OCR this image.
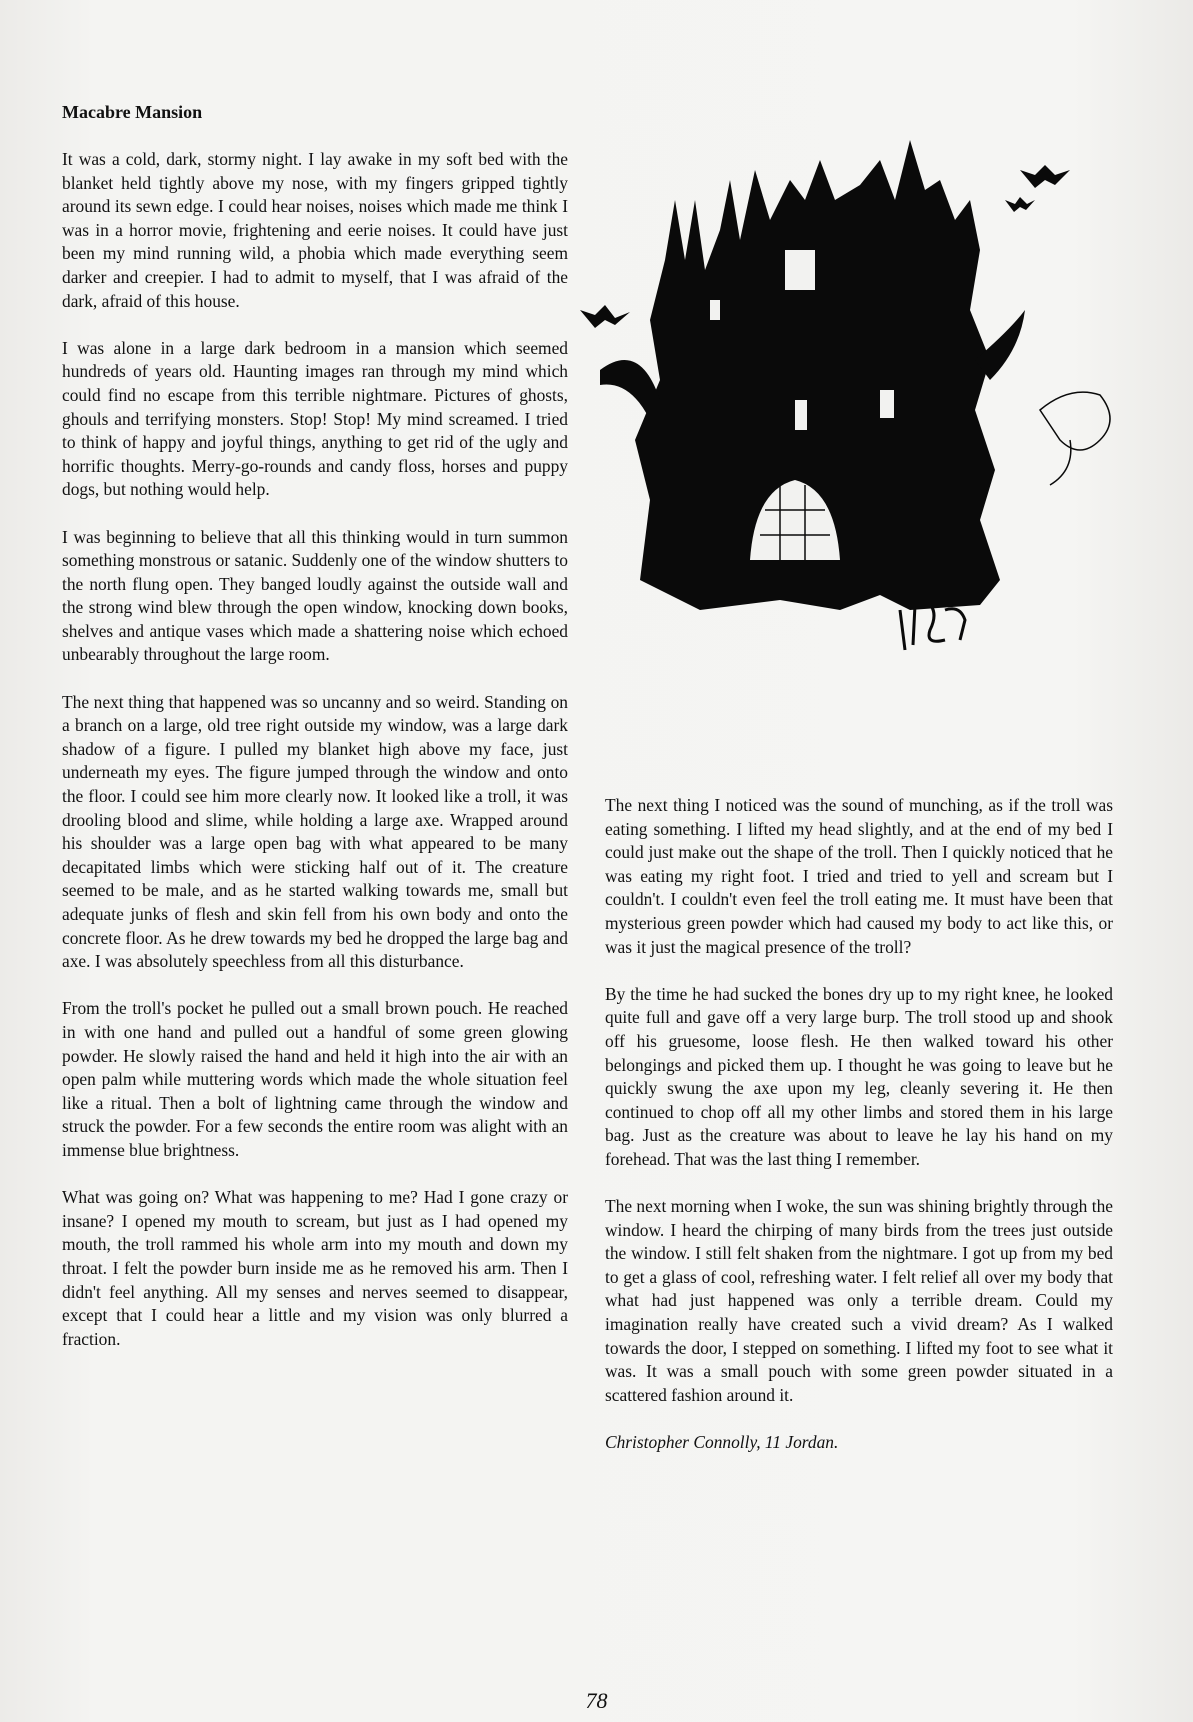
Macabre Mansion

It was a cold, dark, stormy night. I lay awake in my soft bed with the blanket held tightly above my nose, with my fingers gripped tightly around its sewn edge. I could hear noises, noises which made me think I was in a horror movie, frightening and eerie noises. It could have just been my mind running wild, a phobia which made everything seem darker and creepier. I had to admit to myself, that I was afraid of the dark, afraid of this house.

I was alone in a large dark bedroom in a mansion which seemed hundreds of years old. Haunting images ran through my mind which could find no escape from this terrible nightmare. Pictures of ghosts, ghouls and terrifying monsters. Stop! Stop! My mind screamed. I tried to think of happy and joyful things, anything to get rid of the ugly and horrific thoughts. Merry-go-rounds and candy floss, horses and puppy dogs, but nothing would help.

I was beginning to believe that all this thinking would in turn summon something monstrous or satanic. Suddenly one of the window shutters to the north flung open. They banged loudly against the outside wall and the strong wind blew through the open window, knocking down books, shelves and antique vases which made a shattering noise which echoed unbearably throughout the large room.

The next thing that happened was so uncanny and so weird. Standing on a branch on a large, old tree right outside my window, was a large dark shadow of a figure. I pulled my blanket high above my face, just underneath my eyes. The figure jumped through the window and onto the floor. I could see him more clearly now. It looked like a troll, it was drooling blood and slime, while holding a large axe. Wrapped around his shoulder was a large open bag with what appeared to be many decapitated limbs which were sticking half out of it. The creature seemed to be male, and as he started walking towards me, small but adequate junks of flesh and skin fell from his own body and onto the concrete floor. As he drew towards my bed he dropped the large bag and axe. I was absolutely speechless from all this disturbance.

From the troll's pocket he pulled out a small brown pouch. He reached in with one hand and pulled out a handful of some green glowing powder. He slowly raised the hand and held it high into the air with an open palm while muttering words which made the whole situation feel like a ritual. Then a bolt of lightning came through the window and struck the powder. For a few seconds the entire room was alight with an immense blue brightness.

What was going on? What was happening to me? Had I gone crazy or insane? I opened my mouth to scream, but just as I had opened my mouth, the troll rammed his whole arm into my mouth and down my throat. I felt the powder burn inside me as he removed his arm. Then I didn't feel anything. All my senses and nerves seemed to disappear, except that I could hear a little and my vision was only blurred a fraction.

The next thing I noticed was the sound of munching, as if the troll was eating something. I lifted my head slightly, and at the end of my bed I could just make out the shape of the troll. Then I quickly noticed that he was eating my right foot. I tried and tried to yell and scream but I couldn't. I couldn't even feel the troll eating me. It must have been that mysterious green powder which had caused my body to act like this, or was it just the magical presence of the troll?

By the time he had sucked the bones dry up to my right knee, he looked quite full and gave off a very large burp. The troll stood up and shook off his gruesome, loose flesh. He then walked toward his other belongings and picked them up. I thought he was going to leave but he quickly swung the axe upon my leg, cleanly severing it. He then continued to chop off all my other limbs and stored them in his large bag. Just as the creature was about to leave he lay his hand on my forehead. That was the last thing I remember.

The next morning when I woke, the sun was shining brightly through the window. I heard the chirping of many birds from the trees just outside the window. I still felt shaken from the nightmare. I got up from my bed to get a glass of cool, refreshing water. I felt relief all over my body that what had just happened was only a terrible dream. Could my imagination really have created such a vivid dream? As I walked towards the door, I stepped on something. I lifted my foot to see what it was. It was a small pouch with some green powder situated in a scattered fashion around it.

Christopher Connolly, 11 Jordan.

78
